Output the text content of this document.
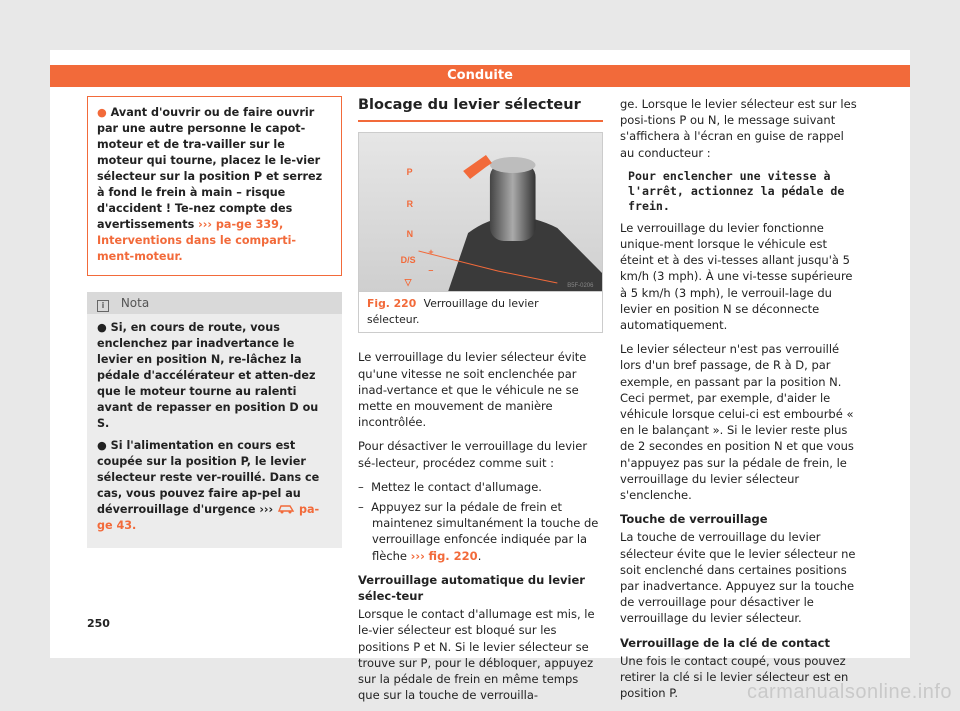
Conduite
● Avant d'ouvrir ou de faire ouvrir par une autre personne le capot-moteur et de tra-vailler sur le moteur qui tourne, placez le le-vier sélecteur sur la position P et serrez à fond le frein à main – risque d'accident ! Te-nez compte des avertissements ››› pa-ge 339, Interventions dans le comparti-ment-moteur.
i Nota
● Si, en cours de route, vous enclenchez par inadvertance le levier en position N, re-lâchez la pédale d'accélérateur et atten-dez que le moteur tourne au ralenti avant de repasser en position D ou S.
● Si l'alimentation en cours est coupée sur la position P, le levier sélecteur reste ver-rouillé. Dans ce cas, vous pouvez faire ap-pel au déverrouillage d'urgence ››› pa-ge 43.
Blocage du levier sélecteur
P
R
N
D/S
▽
+
–
B5F-0206
Fig. 220 Verrouillage du levier sélecteur.

Le verrouillage du levier sélecteur évite qu'une vitesse ne soit enclenchée par inad-vertance et que le véhicule ne se mette en mouvement de manière incontrôlée.

Pour désactiver le verrouillage du levier sé-lecteur, procédez comme suit :

– Mettez le contact d'allumage.
– Appuyez sur la pédale de frein et maintenez simultanément la touche de verrouillage enfoncée indiquée par la flèche ››› fig. 220.
Verrouillage automatique du levier sélec-teur

Lorsque le contact d'allumage est mis, le le-vier sélecteur est bloqué sur les positions P et N. Si le levier sélecteur se trouve sur P, pour le débloquer, appuyez sur la pédale de frein en même temps que sur la touche de verrouilla-

ge. Lorsque le levier sélecteur est sur les posi-tions P ou N, le message suivant s'affichera à l'écran en guise de rappel au conducteur :

Pour enclencher une vitesse à l'arrêt, actionnez la pédale de frein.

Le verrouillage du levier fonctionne unique-ment lorsque le véhicule est éteint et à des vi-tesses allant jusqu'à 5 km/h (3 mph). À une vi-tesse supérieure à 5 km/h (3 mph), le verrouil-lage du levier en position N se déconnecte automatiquement.

Le levier sélecteur n'est pas verrouillé lors d'un bref passage, de R à D, par exemple, en passant par la position N. Ceci permet, par exemple, d'aider le véhicule lorsque celui-ci est embourbé « en le balançant ». Si le levier reste plus de 2 secondes en position N et que vous n'appuyez pas sur la pédale de frein, le verrouillage du levier sélecteur s'enclenche.

Touche de verrouillage

La touche de verrouillage du levier sélecteur évite que le levier sélecteur ne soit enclenché dans certaines positions par inadvertance. Appuyez sur la touche de verrouillage pour désactiver le verrouillage du levier sélecteur.

Verrouillage de la clé de contact

Une fois le contact coupé, vous pouvez retirer la clé si le levier sélecteur est en position P.

250
carmanualsonline.info
